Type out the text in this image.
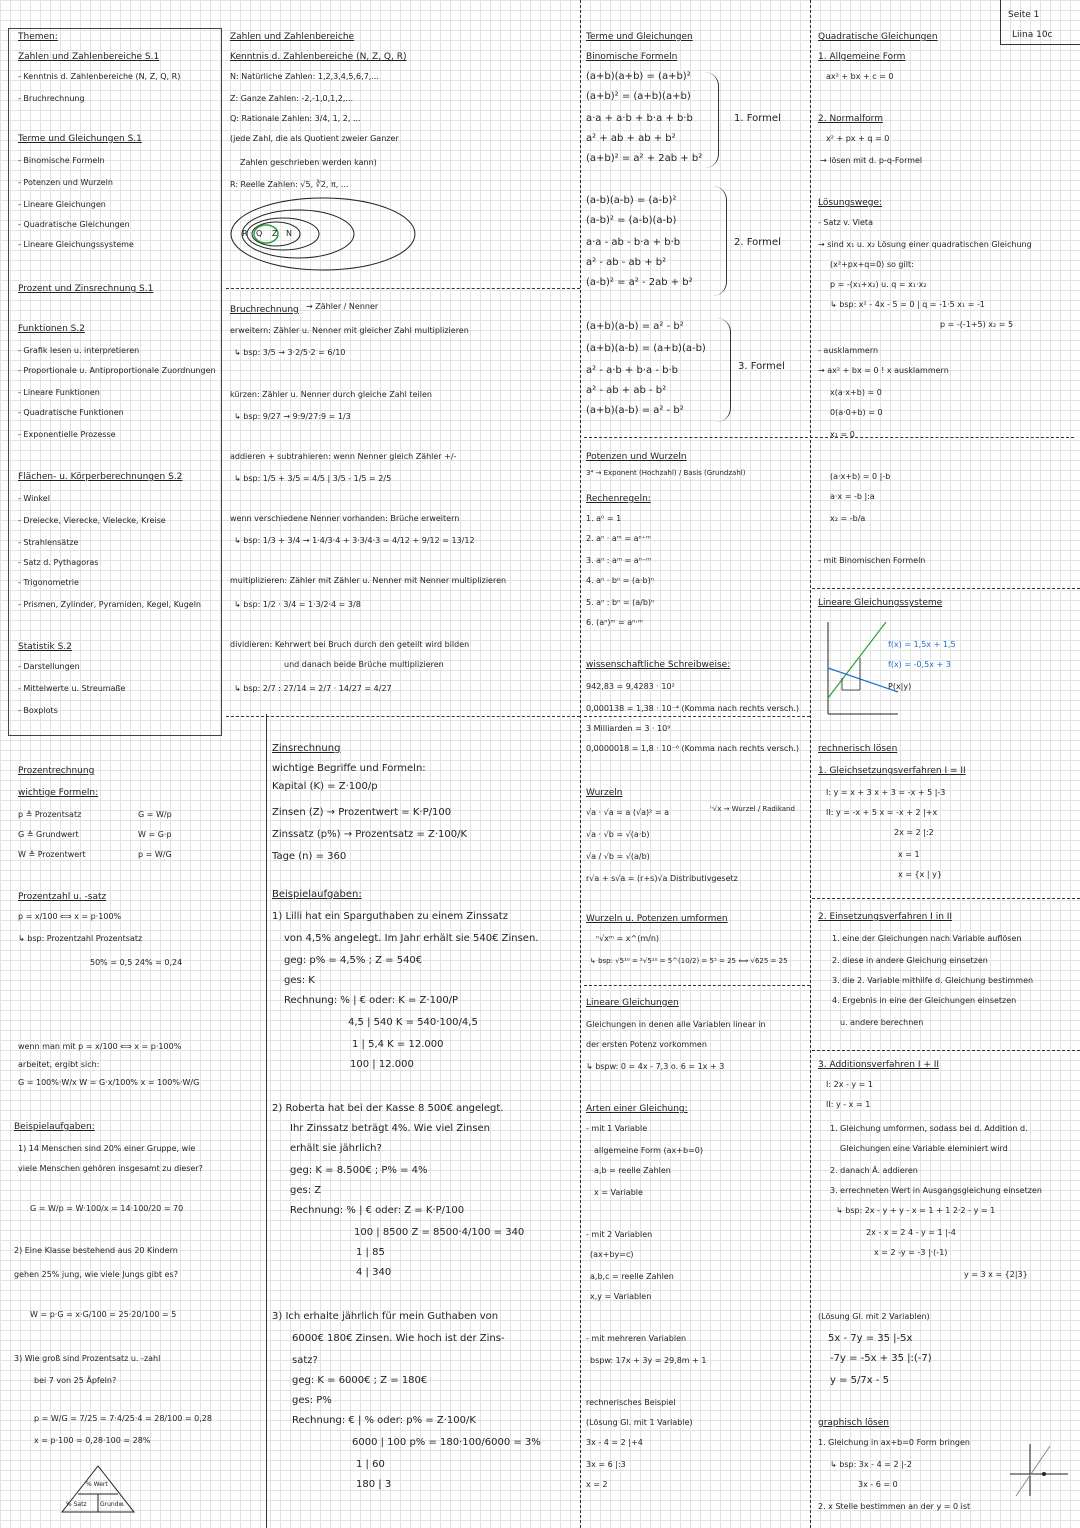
Seite 1
Liina 10c
Themen:
Zahlen und Zahlenbereiche S.1
- Kenntnis d. Zahlenbereiche (N, Z, Q, R)
- Bruchrechnung
Terme und Gleichungen S.1
- Binomische Formeln
- Potenzen und Wurzeln
- Lineare Gleichungen
- Quadratische Gleichungen
- Lineare Gleichungssysteme
Prozent und Zinsrechnung S.1
Funktionen S.2
- Grafik lesen u. interpretieren
- Proportionale u. Antiproportionale Zuordnungen
- Lineare Funktionen
- Quadratische Funktionen
- Exponentielle Prozesse
Flächen- u. Körperberechnungen S.2
- Winkel
- Dreiecke, Vierecke, Vielecke, Kreise
- Strahlensätze
- Satz d. Pythagoras
- Trigonometrie
- Prismen, Zylinder, Pyramiden, Kegel, Kugeln
Statistik S.2
- Darstellungen
- Mittelwerte u. Streumaße
- Boxplots
Zahlen und Zahlenbereiche
Kenntnis d. Zahlenbereiche (N, Z, Q, R)
N: Natürliche Zahlen: 1,2,3,4,5,6,7,...
Z: Ganze Zahlen: -2,-1,0,1,2,...
Q: Rationale Zahlen: 3/4, 1, 2, ...
(jede Zahl, die als Quotient zweier Ganzer
Zahlen geschrieben werden kann)
R: Reelle Zahlen: √5, ∛2, π, ...
R Q Z N
Bruchrechnung → Zähler / Nenner
erweitern: Zähler u. Nenner mit gleicher Zahl multiplizieren
↳ bsp: 3/5 → 3·2/5·2 = 6/10
kürzen: Zähler u. Nenner durch gleiche Zahl teilen
↳ bsp: 9/27 → 9:9/27:9 = 1/3
addieren + subtrahieren: wenn Nenner gleich Zähler +/-
↳ bsp: 1/5 + 3/5 = 4/5 | 3/5 - 1/5 = 2/5
wenn verschiedene Nenner vorhanden: Brüche erweitern
↳ bsp: 1/3 + 3/4 → 1·4/3·4 + 3·3/4·3 = 4/12 + 9/12 = 13/12
multiplizieren: Zähler mit Zähler u. Nenner mit Nenner multiplizieren
↳ bsp: 1/2 · 3/4 = 1·3/2·4 = 3/8
dividieren: Kehrwert bei Bruch durch den geteilt wird bilden
und danach beide Brüche multiplizieren
↳ bsp: 2/7 : 27/14 = 2/7 · 14/27 = 4/27
Prozentrechnung
wichtige Formeln:
p ≙ Prozentsatz
G ≙ Grundwert
W ≙ Prozentwert
G = W/p
W = G·p
p = W/G
Prozentzahl u. -satz
p = x/100 ⟺ x = p·100%
↳ bsp: Prozentzahl Prozentsatz
50% = 0,5 24% = 0,24
wenn man mit p = x/100 ⟺ x = p·100%
arbeitet, ergibt sich:
G = 100%·W/x W = G·x/100% x = 100%·W/G
Beispielaufgaben:
1) 14 Menschen sind 20% einer Gruppe, wie
viele Menschen gehören insgesamt zu dieser?
G = W/p = W·100/x = 14·100/20 = 70
2) Eine Klasse bestehend aus 20 Kindern
gehen 25% jung, wie viele Jungs gibt es?
W = p·G = x·G/100 = 25·20/100 = 5
3) Wie groß sind Prozentsatz u. -zahl
bei 7 von 25 Äpfeln?
p = W/G = 7/25 = 7·4/25·4 = 28/100 = 0,28
x = p·100 = 0,28·100 = 28%
% Wert
% Satz Grundw.
Zinsrechnung
wichtige Begriffe und Formeln:
Kapital (K) = Z·100/p
Zinsen (Z) → Prozentwert = K·P/100
Zinssatz (p%) → Prozentsatz = Z·100/K
Tage (n) = 360
Beispielaufgaben:
1) Lilli hat ein Sparguthaben zu einem Zinssatz
von 4,5% angelegt. Im Jahr erhält sie 540€ Zinsen.
geg: p% = 4,5% ; Z = 540€
ges: K
Rechnung: % | € oder: K = Z·100/P
4,5 | 540 K = 540·100/4,5
1 | 5,4 K = 12.000
100 | 12.000
2) Roberta hat bei der Kasse 8 500€ angelegt.
Ihr Zinssatz beträgt 4%. Wie viel Zinsen
erhält sie jährlich?
geg: K = 8.500€ ; P% = 4%
ges: Z
Rechnung: % | € oder: Z = K·P/100
100 | 8500 Z = 8500·4/100 = 340
1 | 85
4 | 340
3) Ich erhalte jährlich für mein Guthaben von
6000€ 180€ Zinsen. Wie hoch ist der Zins-
satz?
geg: K = 6000€ ; Z = 180€
ges: P%
Rechnung: € | % oder: p% = Z·100/K
6000 | 100 p% = 180·100/6000 = 3%
1 | 60
180 | 3
Terme und Gleichungen
Binomische Formeln
(a+b)(a+b) = (a+b)²
(a+b)² = (a+b)(a+b)
a·a + a·b + b·a + b·b
a² + ab + ab + b²
(a+b)² = a² + 2ab + b²
1. Formel
(a-b)(a-b) = (a-b)²
(a-b)² = (a-b)(a-b)
a·a - ab - b·a + b·b
a² - ab - ab + b²
(a-b)² = a² - 2ab + b²
2. Formel
(a+b)(a-b) = a² - b²
(a+b)(a-b) = (a+b)(a-b)
a² - a·b + b·a - b·b
a² - ab + ab - b²
(a+b)(a-b) = a² - b²
3. Formel
Potenzen und Wurzeln
3⁴ → Exponent (Hochzahl) / Basis (Grundzahl)
Rechenregeln:
1. a⁰ = 1
2. aⁿ · aᵐ = aⁿ⁺ᵐ
3. aⁿ : aᵐ = aⁿ⁻ᵐ
4. aⁿ · bⁿ = (a·b)ⁿ
5. aⁿ : bⁿ = (a/b)ⁿ
6. (aⁿ)ᵐ = aⁿ·ᵐ
wissenschaftliche Schreibweise:
942,83 = 9,4283 · 10²
0,000138 = 1,38 · 10⁻⁴ (Komma nach rechts versch.)
3 Milliarden = 3 · 10⁹
0,0000018 = 1,8 · 10⁻⁶ (Komma nach rechts versch.)
Wurzeln
ⁿ√x → Wurzel / Radikand
√a · √a = a (√a)² = a
√a · √b = √(a·b)
√a / √b = √(a/b)
r√a + s√a = (r+s)√a Distributivgesetz
Wurzeln u. Potenzen umformen
ⁿ√xᵐ = x^(m/n)
↳ bsp: √5¹⁰ = ²√5¹⁰ = 5^(10/2) = 5⁵ = 25 ⟺ √625 = 25
Lineare Gleichungen
Gleichungen in denen alle Variablen linear in
der ersten Potenz vorkommen
↳ bspw: 0 = 4x - 7,3 o. 6 = 1x + 3
Arten einer Gleichung:
- mit 1 Variable
allgemeine Form (ax+b=0)
a,b = reelle Zahlen
x = Variable
- mit 2 Variablen
(ax+by=c)
a,b,c = reelle Zahlen
x,y = Variablen
- mit mehreren Variablen
bspw: 17x + 3y = 29,8m + 1
rechnerisches Beispiel
(Lösung Gl. mit 1 Variable)
3x - 4 = 2 |+4
3x = 6 |:3
x = 2
Quadratische Gleichungen
1. Allgemeine Form
ax² + bx + c = 0
2. Normalform
x² + px + q = 0
→ lösen mit d. p-q-Formel
Lösungswege:
- Satz v. Vieta
→ sind x₁ u. x₂ Lösung einer quadratischen Gleichung
(x²+px+q=0) so gilt:
p = -(x₁+x₂) u. q = x₁·x₂
↳ bsp: x² - 4x - 5 = 0 | q = -1·5 x₁ = -1
p = -(-1+5) x₂ = 5
- ausklammern
→ ax² + bx = 0 ! x ausklammern
x(a·x+b) = 0
0(a·0+b) = 0
x₁ = 0
(a·x+b) = 0 |-b
a·x = -b |:a
x₂ = -b/a
- mit Binomischen Formeln
Lineare Gleichungssysteme
f(x) = 1,5x + 1,5
f(x) = -0,5x + 3
P(x|y)
rechnerisch lösen
1. Gleichsetzungsverfahren I = II
I: y = x + 3 x + 3 = -x + 5 |-3
II: y = -x + 5 x = -x + 2 |+x
2x = 2 |:2
x = 1
x = {x | y}
2. Einsetzungsverfahren I in II
1. eine der Gleichungen nach Variable auflösen
2. diese in andere Gleichung einsetzen
3. die 2. Variable mithilfe d. Gleichung bestimmen
4. Ergebnis in eine der Gleichungen einsetzen
u. andere berechnen
3. Additionsverfahren I + II
I: 2x - y = 1
II: y - x = 1
1. Gleichung umformen, sodass bei d. Addition d.
Gleichungen eine Variable eleminiert wird
2. danach Ä. addieren
3. errechneten Wert in Ausgangsgleichung einsetzen
↳ bsp: 2x - y + y - x = 1 + 1 2·2 - y = 1
2x - x = 2 4 - y = 1 |-4
x = 2 -y = -3 |·(-1)
y = 3 x = {2|3}
(Lösung Gl. mit 2 Variablen)
5x - 7y = 35 |-5x
-7y = -5x + 35 |:(-7)
y = 5/7x - 5
graphisch lösen
1. Gleichung in ax+b=0 Form bringen
↳ bsp: 3x - 4 = 2 |-2
3x - 6 = 0
2. x Stelle bestimmen an der y = 0 ist
